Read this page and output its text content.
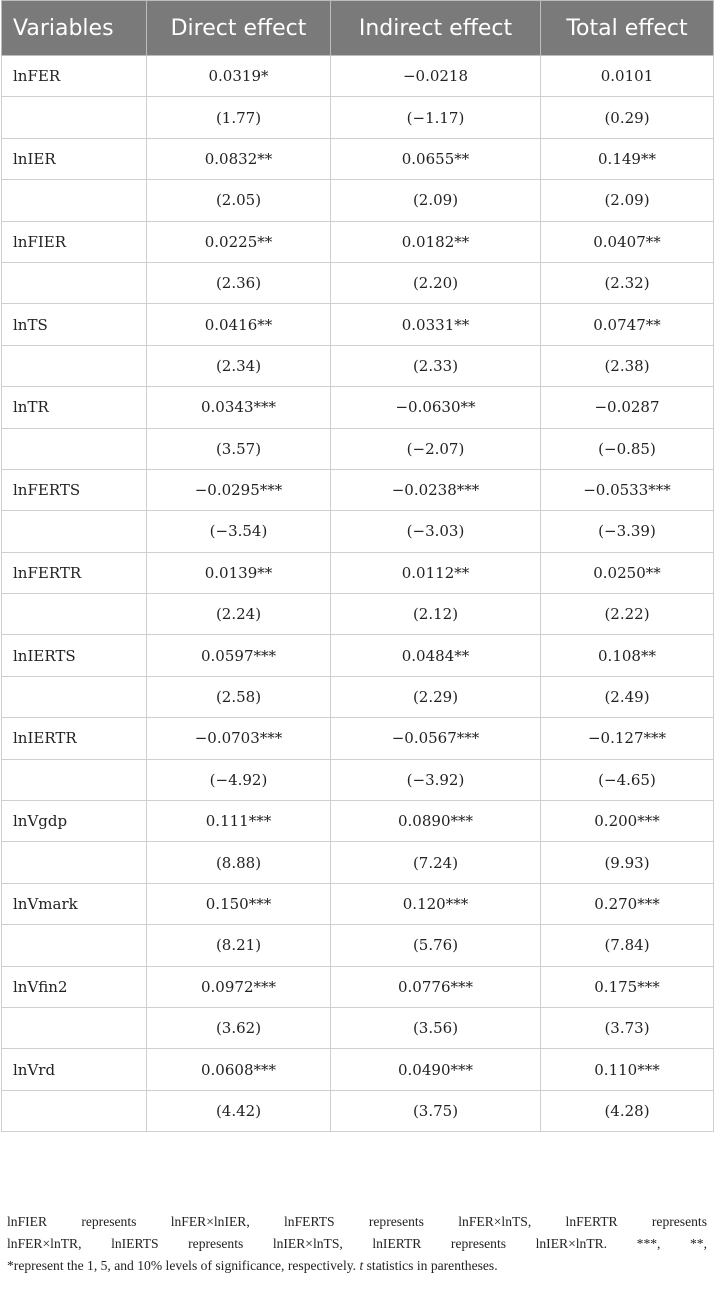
Variables	Direct effect	Indirect effect	Total effect
lnFER	0.0319*	−0.0218	0.0101
	(1.77)	(−1.17)	(0.29)
lnIER	0.0832**	0.0655**	0.149**
	(2.05)	(2.09)	(2.09)
lnFIER	0.0225**	0.0182**	0.0407**
	(2.36)	(2.20)	(2.32)
lnTS	0.0416**	0.0331**	0.0747**
	(2.34)	(2.33)	(2.38)
lnTR	0.0343***	−0.0630**	−0.0287
	(3.57)	(−2.07)	(−0.85)
lnFERTS	−0.0295***	−0.0238***	−0.0533***
	(−3.54)	(−3.03)	(−3.39)
lnFERTR	0.0139**	0.0112**	0.0250**
	(2.24)	(2.12)	(2.22)
lnIERTS	0.0597***	0.0484**	0.108**
	(2.58)	(2.29)	(2.49)
lnIERTR	−0.0703***	−0.0567***	−0.127***
	(−4.92)	(−3.92)	(−4.65)
lnVgdp	0.111***	0.0890***	0.200***
	(8.88)	(7.24)	(9.93)
lnVmark	0.150***	0.120***	0.270***
	(8.21)	(5.76)	(7.84)
lnVfin2	0.0972***	0.0776***	0.175***
	(3.62)	(3.56)	(3.73)
lnVrd	0.0608***	0.0490***	0.110***
	(4.42)	(3.75)	(4.28)
lnFIER represents lnFER×lnIER, lnFERTS represents lnFER×lnTS, lnFERTR represents
lnFER×lnTR, lnIERTS represents lnIER×lnTS, lnIERTR represents lnIER×lnTR. ***, **,
*represent the 1, 5, and 10% levels of significance, respectively. t statistics in parentheses.
